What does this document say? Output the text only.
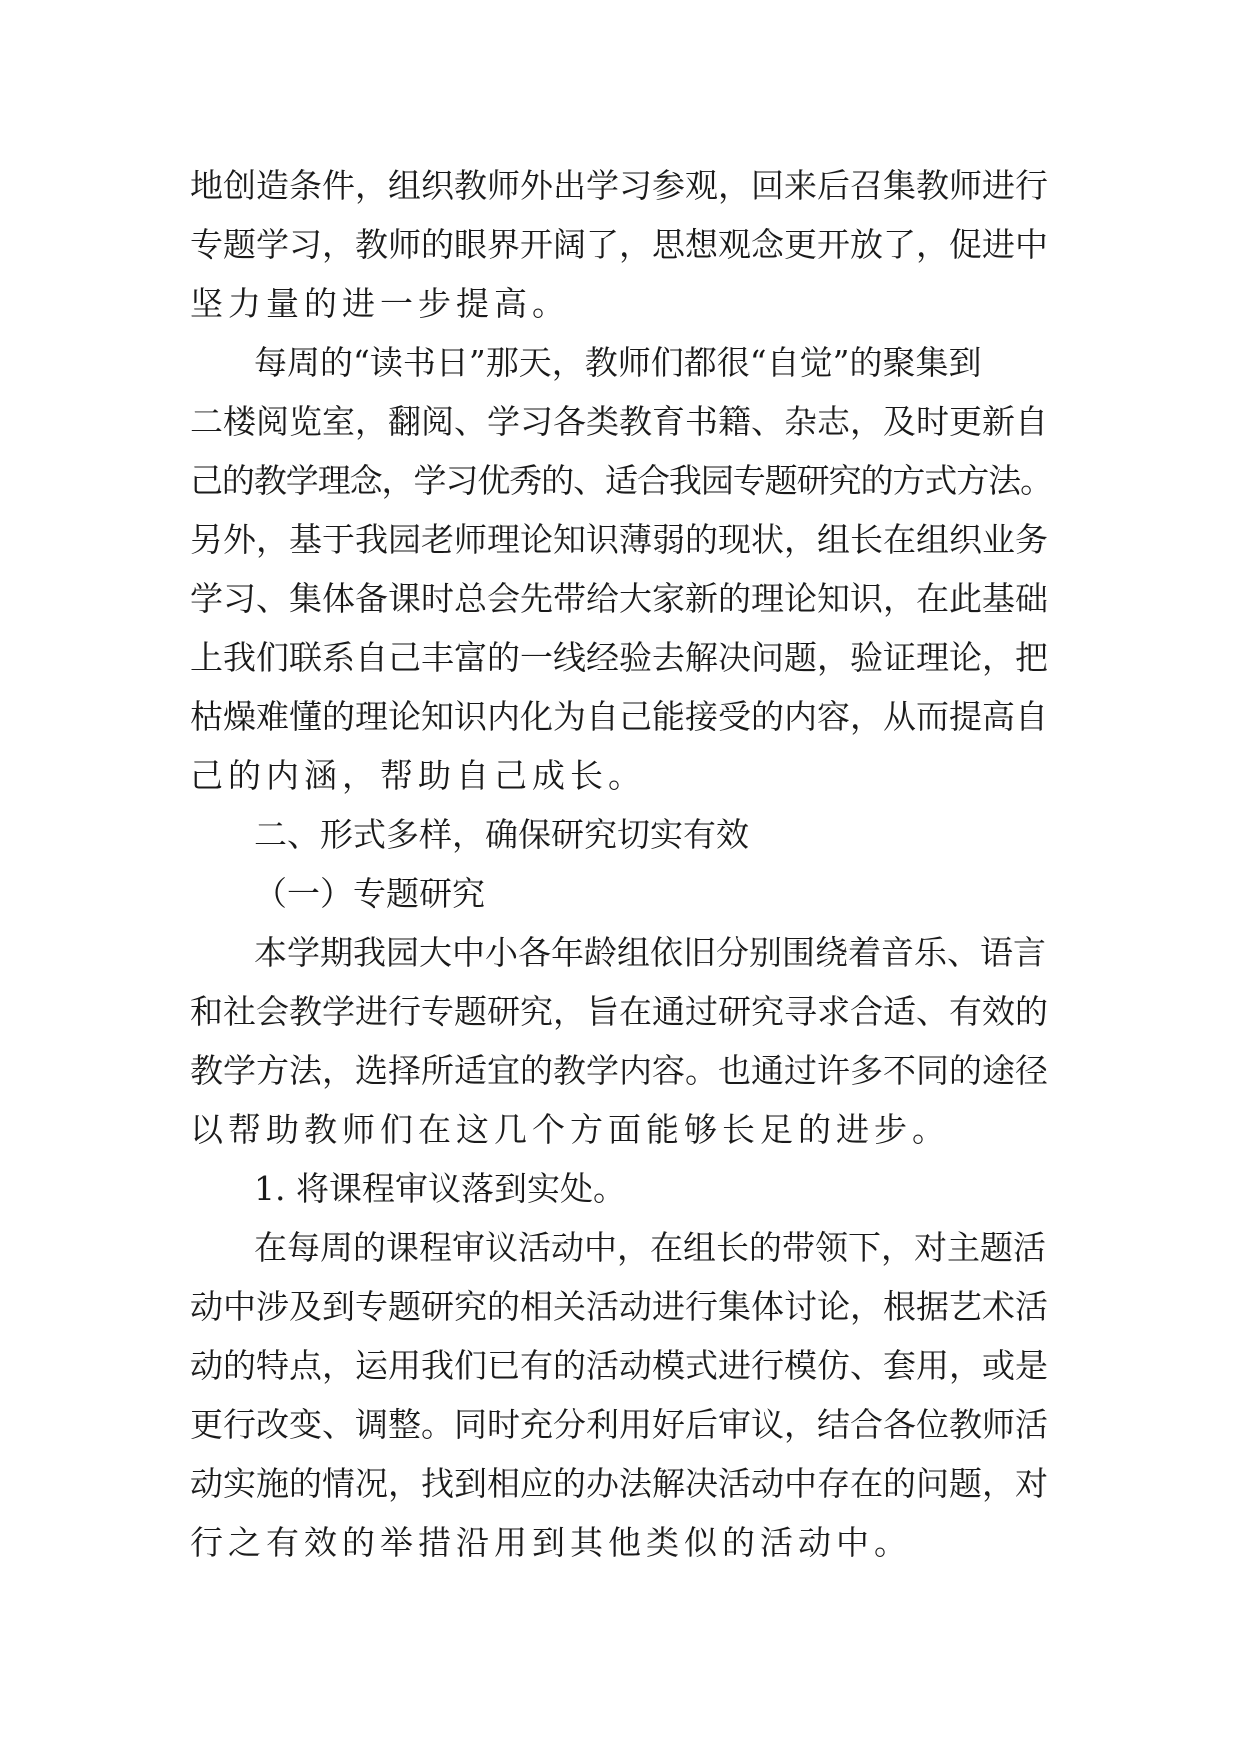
地创造条件，组织教师外出学习参观，回来后召集教师进行

专题学习，教师的眼界开阔了，思想观念更开放了，促进中

坚力量的进一步提高。

每周的“读书日”那天，教师们都很“自觉”的聚集到

二楼阅览室，翻阅、学习各类教育书籍、杂志，及时更新自

己的教学理念，学习优秀的、适合我园专题研究的方式方法。

另外，基于我园老师理论知识薄弱的现状，组长在组织业务

学习、集体备课时总会先带给大家新的理论知识，在此基础

上我们联系自己丰富的一线经验去解决问题，验证理论，把

枯燥难懂的理论知识内化为自己能接受的内容，从而提高自

己的内涵，帮助自己成长。

二、形式多样，确保研究切实有效

（一）专题研究

本学期我园大中小各年龄组依旧分别围绕着音乐、语言

和社会教学进行专题研究，旨在通过研究寻求合适、有效的

教学方法，选择所适宜的教学内容。也通过许多不同的途径

以帮助教师们在这几个方面能够长足的进步。

1. 将课程审议落到实处。

在每周的课程审议活动中，在组长的带领下，对主题活

动中涉及到专题研究的相关活动进行集体讨论，根据艺术活

动的特点，运用我们已有的活动模式进行模仿、套用，或是

更行改变、调整。同时充分利用好后审议，结合各位教师活

动实施的情况，找到相应的办法解决活动中存在的问题，对

行之有效的举措沿用到其他类似的活动中。
